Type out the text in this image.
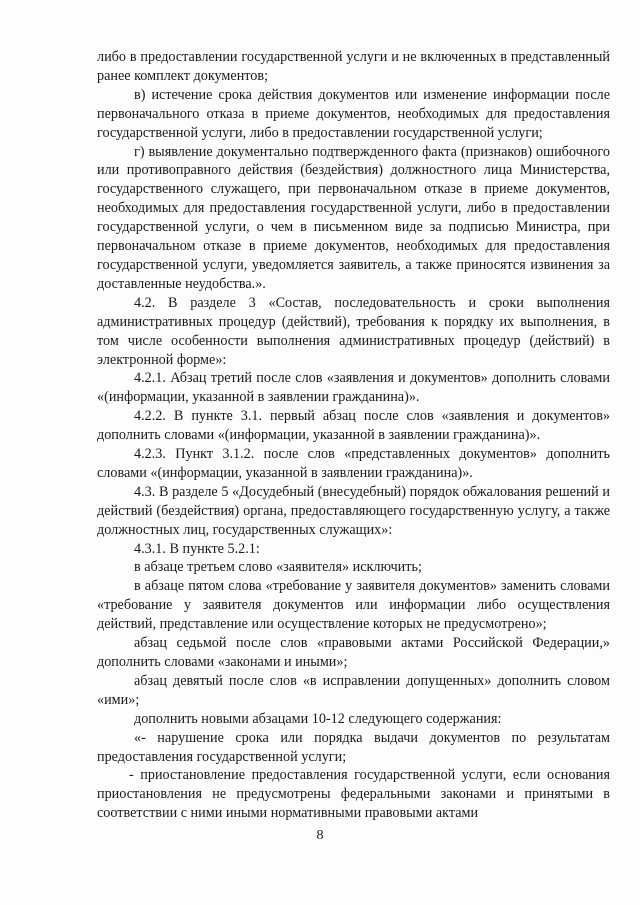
либо в предоставлении государственной услуги и не включенных в представленный ранее комплект документов;

в) истечение срока действия документов или изменение информации после первоначального отказа в приеме документов, необходимых для предоставления государственной услуги, либо в предоставлении государственной услуги;

г) выявление документально подтвержденного факта (признаков) ошибочного или противоправного действия (бездействия) должностного лица Министерства, государственного служащего, при первоначальном отказе в приеме документов, необходимых для предоставления государственной услуги, либо в предоставлении государственной услуги, о чем в письменном виде за подписью Министра, при первоначальном отказе в приеме документов, необходимых для предоставления государственной услуги, уведомляется заявитель, а также приносятся извинения за доставленные неудобства.».

4.2. В разделе 3 «Состав, последовательность и сроки выполнения административных процедур (действий), требования к порядку их выполнения, в том числе особенности выполнения административных процедур (действий) в электронной форме»:

4.2.1. Абзац третий после слов «заявления и документов» дополнить словами «(информации, указанной в заявлении гражданина)».

4.2.2. В пункте 3.1. первый абзац после слов «заявления и документов» дополнить словами «(информации, указанной в заявлении гражданина)».

4.2.3. Пункт 3.1.2. после слов «представленных документов» дополнить словами «(информации, указанной в заявлении гражданина)».

4.3. В разделе 5 «Досудебный (внесудебный) порядок обжалования решений и действий (бездействия) органа, предоставляющего государственную услугу, а также должностных лиц, государственных служащих»:

4.3.1. В пункте 5.2.1:

в абзаце третьем слово «заявителя» исключить;

в абзаце пятом слова «требование у заявителя документов» заменить словами «требование у заявителя документов или информации либо осуществления действий, представление или осуществление которых не предусмотрено»;

абзац седьмой после слов «правовыми актами Российской Федерации,» дополнить словами «законами и иными»;

абзац девятый после слов «в исправлении допущенных» дополнить словом «ими»;

дополнить новыми абзацами 10-12 следующего содержания:

«- нарушение срока или порядка выдачи документов по результатам предоставления государственной услуги;

- приостановление предоставления государственной услуги, если основания приостановления не предусмотрены федеральными законами и принятыми в соответствии с ними иными нормативными правовыми актами

8
